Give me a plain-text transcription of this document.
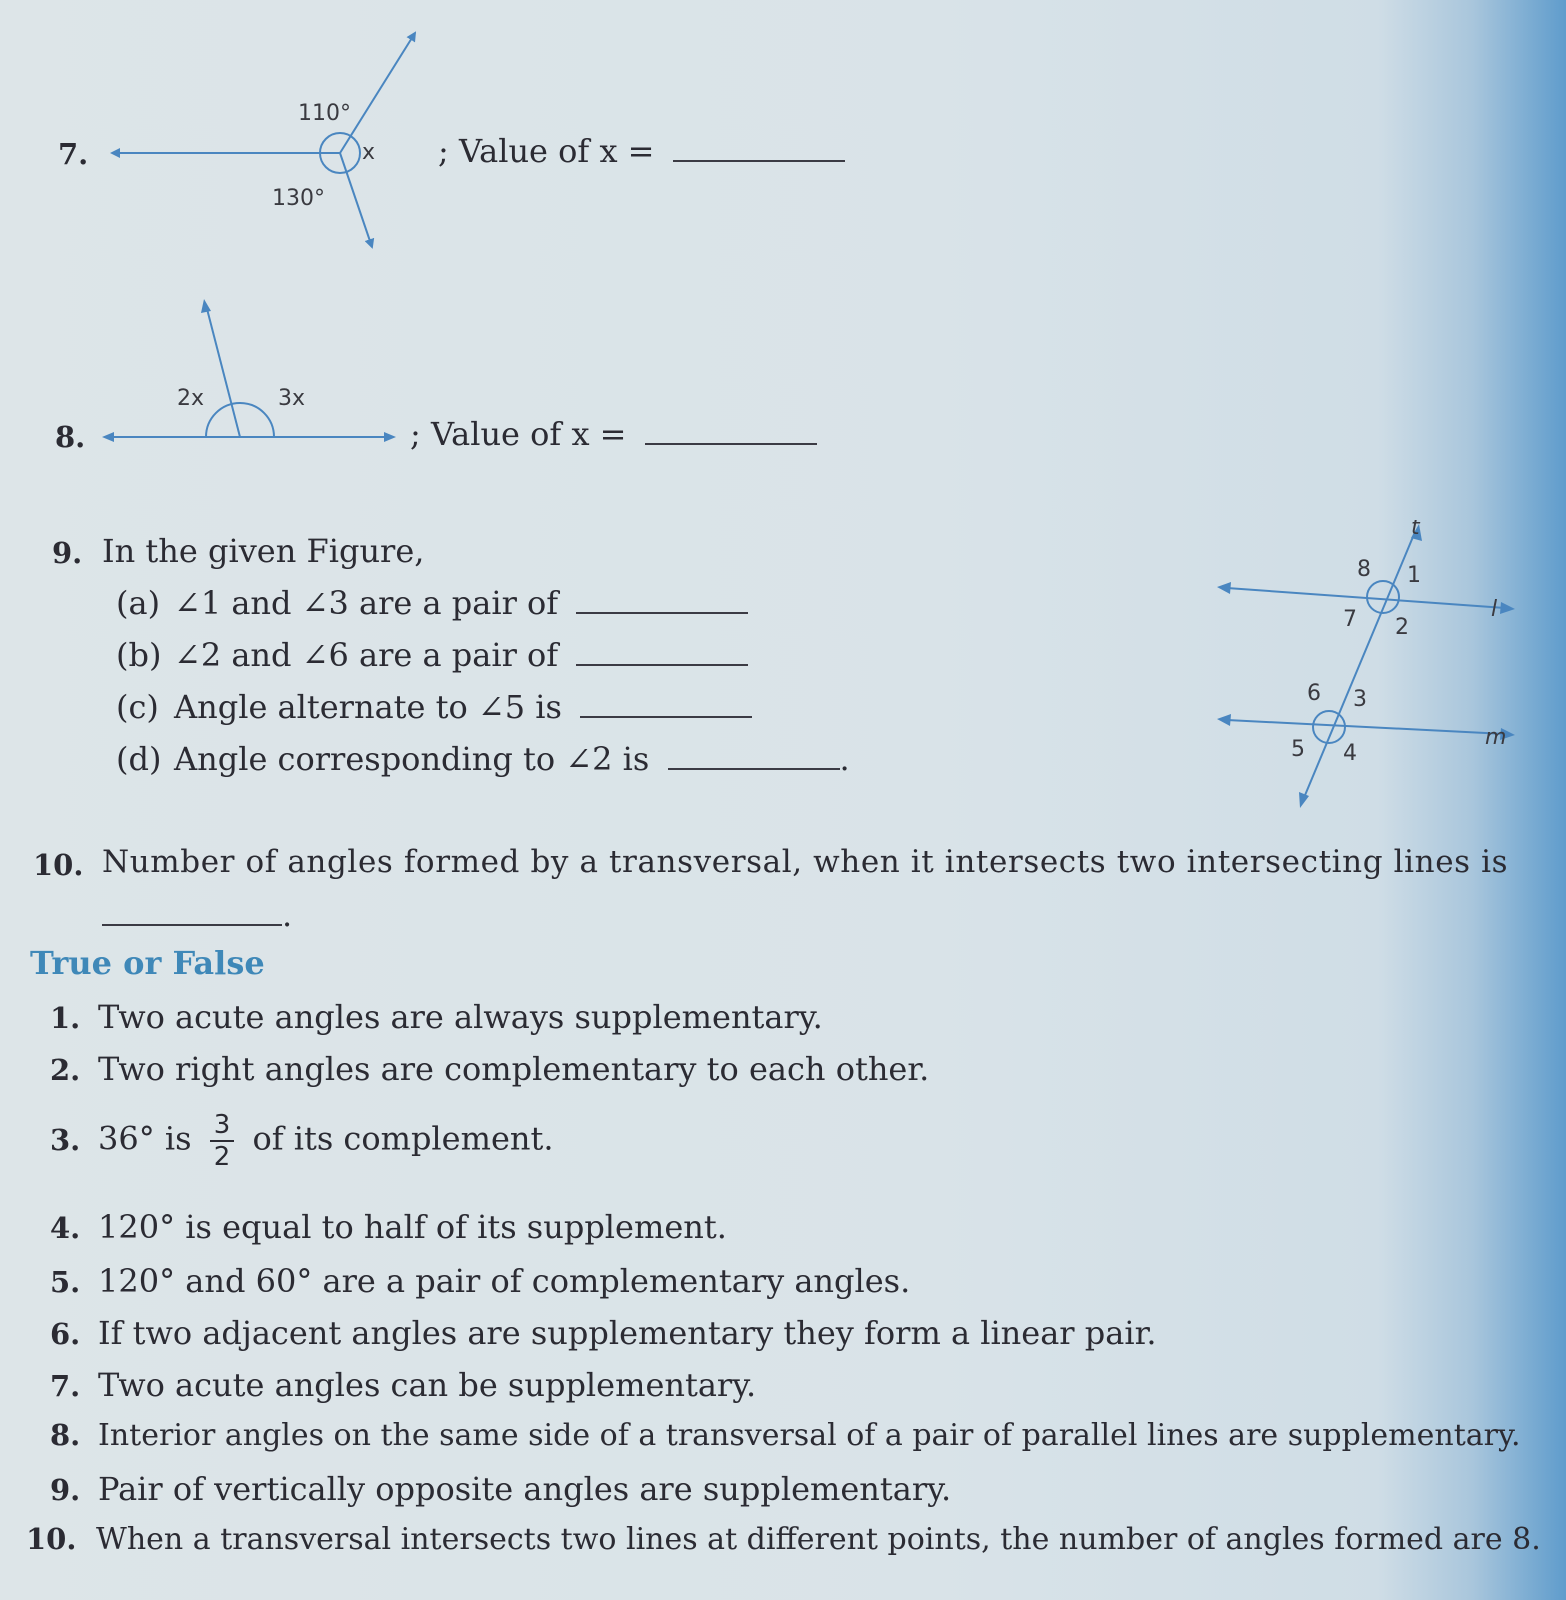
7.
110°
130°
x ; Value of x =
8.
2x	3x
; Value of x =
9. In the given Figure,
(a) ∠1 and ∠3 are a pair of
(b) ∠2 and ∠6 are a pair of
(c) Angle alternate to ∠5 is
(d) Angle corresponding to ∠2 is	.
t
l
m
1
2
3
4
5
6
7
8
10. Number of angles formed by a transversal, when it intersects two intersecting lines is
.
True or False
1. Two acute angles are always supplementary.
2. Two right angles are complementary to each other.
3. 36° is $\frac{3}{2}$ of its complement.
4. 120° is equal to half of its supplement.
5. 120° and 60° are a pair of complementary angles.
6. If two adjacent angles are supplementary they form a linear pair.
7. Two acute angles can be supplementary.
8. Interior angles on the same side of a transversal of a pair of parallel lines are supplementary.
9. Pair of vertically opposite angles are supplementary.
10. When a transversal intersects two lines at different points, the number of angles formed are 8.
